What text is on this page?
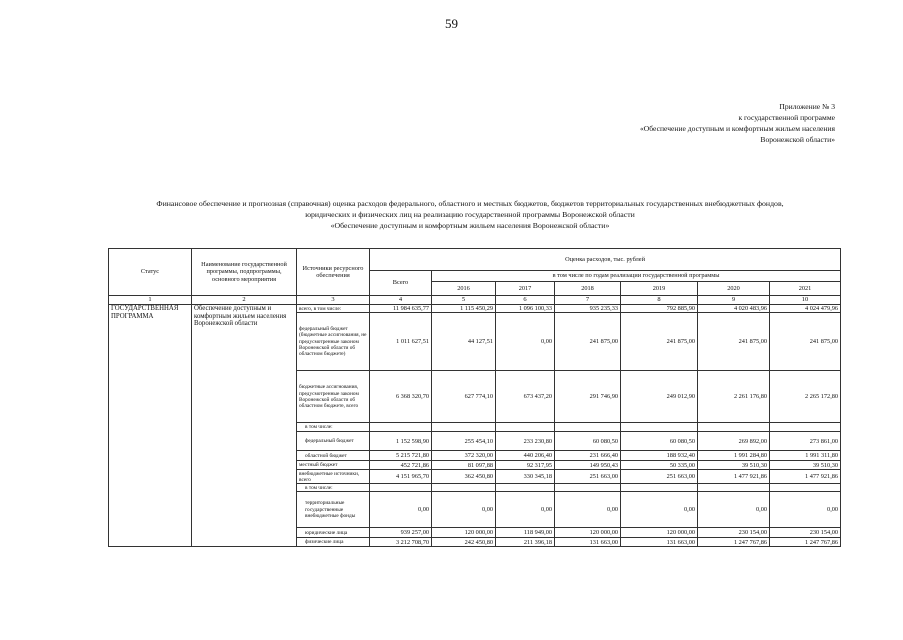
59
Приложение № 3
к государственной программе
«Обеспечение доступным и комфортным жильем населения
Воронежской области»
Финансовое обеспечение и прогнозная (справочная) оценка расходов федерального, областного и местных бюджетов, бюджетов территориальных государственных внебюджетных фондов,
юридических и физических лиц на реализацию государственной программы Воронежской области
«Обеспечение доступным и комфортным жильем населения Воронежской области»
Статус	Наименование государственной программы, подпрограммы, основного мероприятия	Источники ресурсного обеспечения	Оценка расходов, тыс. рублей						
			Всего	в том числе по годам реализации государственной программы					
				2016	2017	2018	2019	2020	2021
1	2	3	4	5	6	7	8	9	10
ГОСУДАРСТВЕННАЯ ПРОГРАММА	Обеспечение доступным и комфортным жильем населения Воронежской области	всего, в том числе:	11 984 635,77	1 115 450,29	1 096 100,33	935 235,33	792 885,90	4 020 483,96	4 024 479,96
		федеральный бюджет (бюджетные ассигнования, не предусмотренные законом Воронежской области об областном бюджете)	1 011 627,51	44 127,51	0,00	241 875,00	241 875,00	241 875,00	241 875,00
		бюджетные ассигнования, предусмотренные законом Воронежской области об областном бюджете, всего	6 368 320,70	627 774,10	673 437,20	291 746,90	249 012,90	2 261 176,80	2 265 172,80
		в том числе:							
		федеральный бюджет	1 152 598,90	255 454,10	233 230,80	60 080,50	60 080,50	269 892,00	273 861,00
		областной бюджет	5 215 721,80	372 320,00	440 206,40	231 666,40	188 932,40	1 991 284,80	1 991 311,80
		местный бюджет	452 721,86	81 097,88	92 317,95	149 950,43	50 335,00	39 510,30	39 510,30
		внебюджетные источники, всего	4 151 965,70	362 450,80	330 345,18	251 663,00	251 663,00	1 477 921,86	1 477 921,86
		в том числе:							
		территориальные государственные внебюджетные фонды	0,00	0,00	0,00	0,00	0,00	0,00	0,00
		юридические лица	939 257,00	120 000,00	118 949,00	120 000,00	120 000,00	230 154,00	230 154,00
		физические лица	3 212 708,70	242 450,80	211 396,18	131 663,00	131 663,00	1 247 767,86	1 247 767,86
